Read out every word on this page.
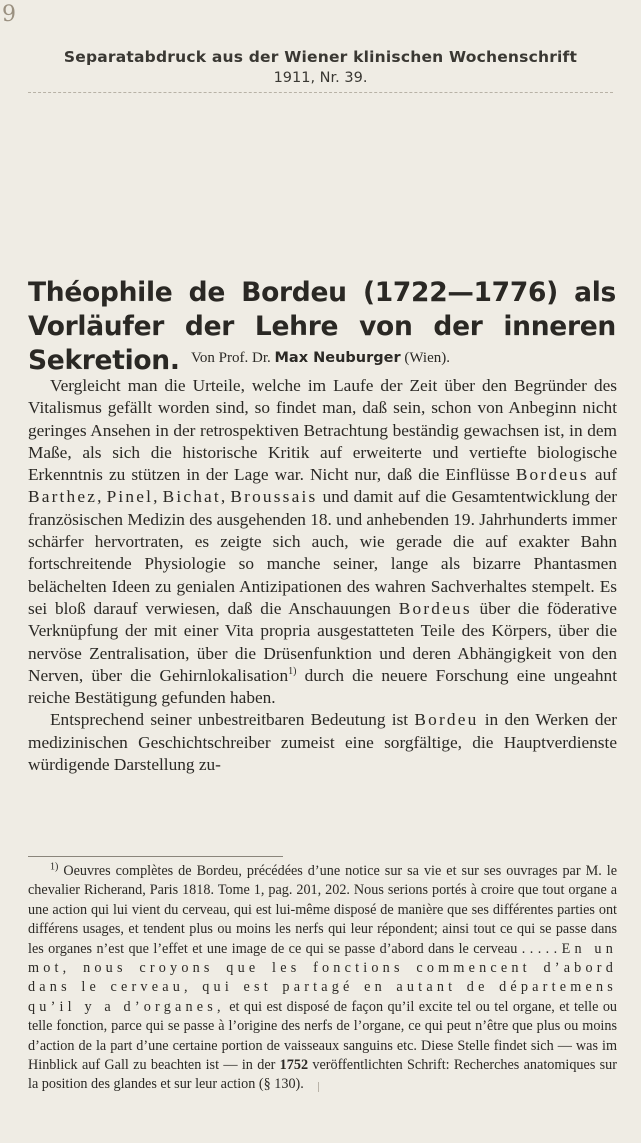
9
Separatabdruck aus der Wiener klinischen Wochenschrift
1911, Nr. 39.
Théophile de Bordeu (1722—1776) als Vorläufer der Lehre von der inneren Sekretion. Von Prof. Dr. Max Neuburger (Wien).

Vergleicht man die Urteile, welche im Laufe der Zeit über den Begründer des Vitalismus gefällt worden sind, so findet man, daß sein, schon von Anbeginn nicht geringes Ansehen in der retrospektiven Betrachtung beständig gewachsen ist, in dem Maße, als sich die historische Kritik auf erweiterte und vertiefte biologische Erkenntnis zu stützen in der Lage war. Nicht nur, daß die Einflüsse Bordeus auf Barthez, Pinel, Bichat, Broussais und damit auf die Gesamtentwicklung der französischen Medizin des ausgehenden 18. und anhebenden 19. Jahrhunderts immer schärfer hervortraten, es zeigte sich auch, wie gerade die auf exakter Bahn fortschreitende Physiologie so manche seiner, lange als bizarre Phantasmen belächelten Ideen zu genialen Antizipationen des wahren Sachverhaltes stempelt. Es sei bloß darauf verwiesen, daß die Anschauungen Bordeus über die föderative Verknüpfung der mit einer Vita propria ausgestatteten Teile des Körpers, über die nervöse Zentralisation, über die Drüsenfunktion und deren Abhängigkeit von den Nerven, über die Gehirnlokalisation$^{1)}$ durch die neuere Forschung eine ungeahnt reiche Bestätigung gefunden haben.

Entsprechend seiner unbestreitbaren Bedeutung ist Bordeu in den Werken der medizinischen Geschichtschreiber zumeist eine sorgfältige, die Hauptverdienste würdigende Darstellung zu-

$^{1)}$ Oeuvres complètes de Bordeu, précédées d’une notice sur sa vie et sur ses ouvrages par M. le chevalier Richerand, Paris 1818. Tome 1, pag. 201, 202. Nous serions portés à croire que tout organe a une action qui lui vient du cerveau, qui est lui-même disposé de manière que ses différentes parties ont différens usages, et tendent plus ou moins les nerfs qui leur répondent; ainsi tout ce qui se passe dans les organes n’est que l’effet et une image de ce qui se passe d’abord dans le cerveau . . . . . En un mot, nous croyons que les fonctions commencent d’abord dans le cerveau, qui est partagé en autant de départemens qu’il y a d’organes, et qui est disposé de façon qu’il excite tel ou tel organe, et telle ou telle fonction, parce qui se passe à l’origine des nerfs de l’organe, ce qui peut n’être que plus ou moins d’action de la part d’une certaine portion de vaisseaux sanguins etc. Diese Stelle findet sich — was im Hinblick auf Gall zu beachten ist — in der 1752 veröffentlichten Schrift: Recherches anatomiques sur la position des glandes et sur leur action (§ 130).
